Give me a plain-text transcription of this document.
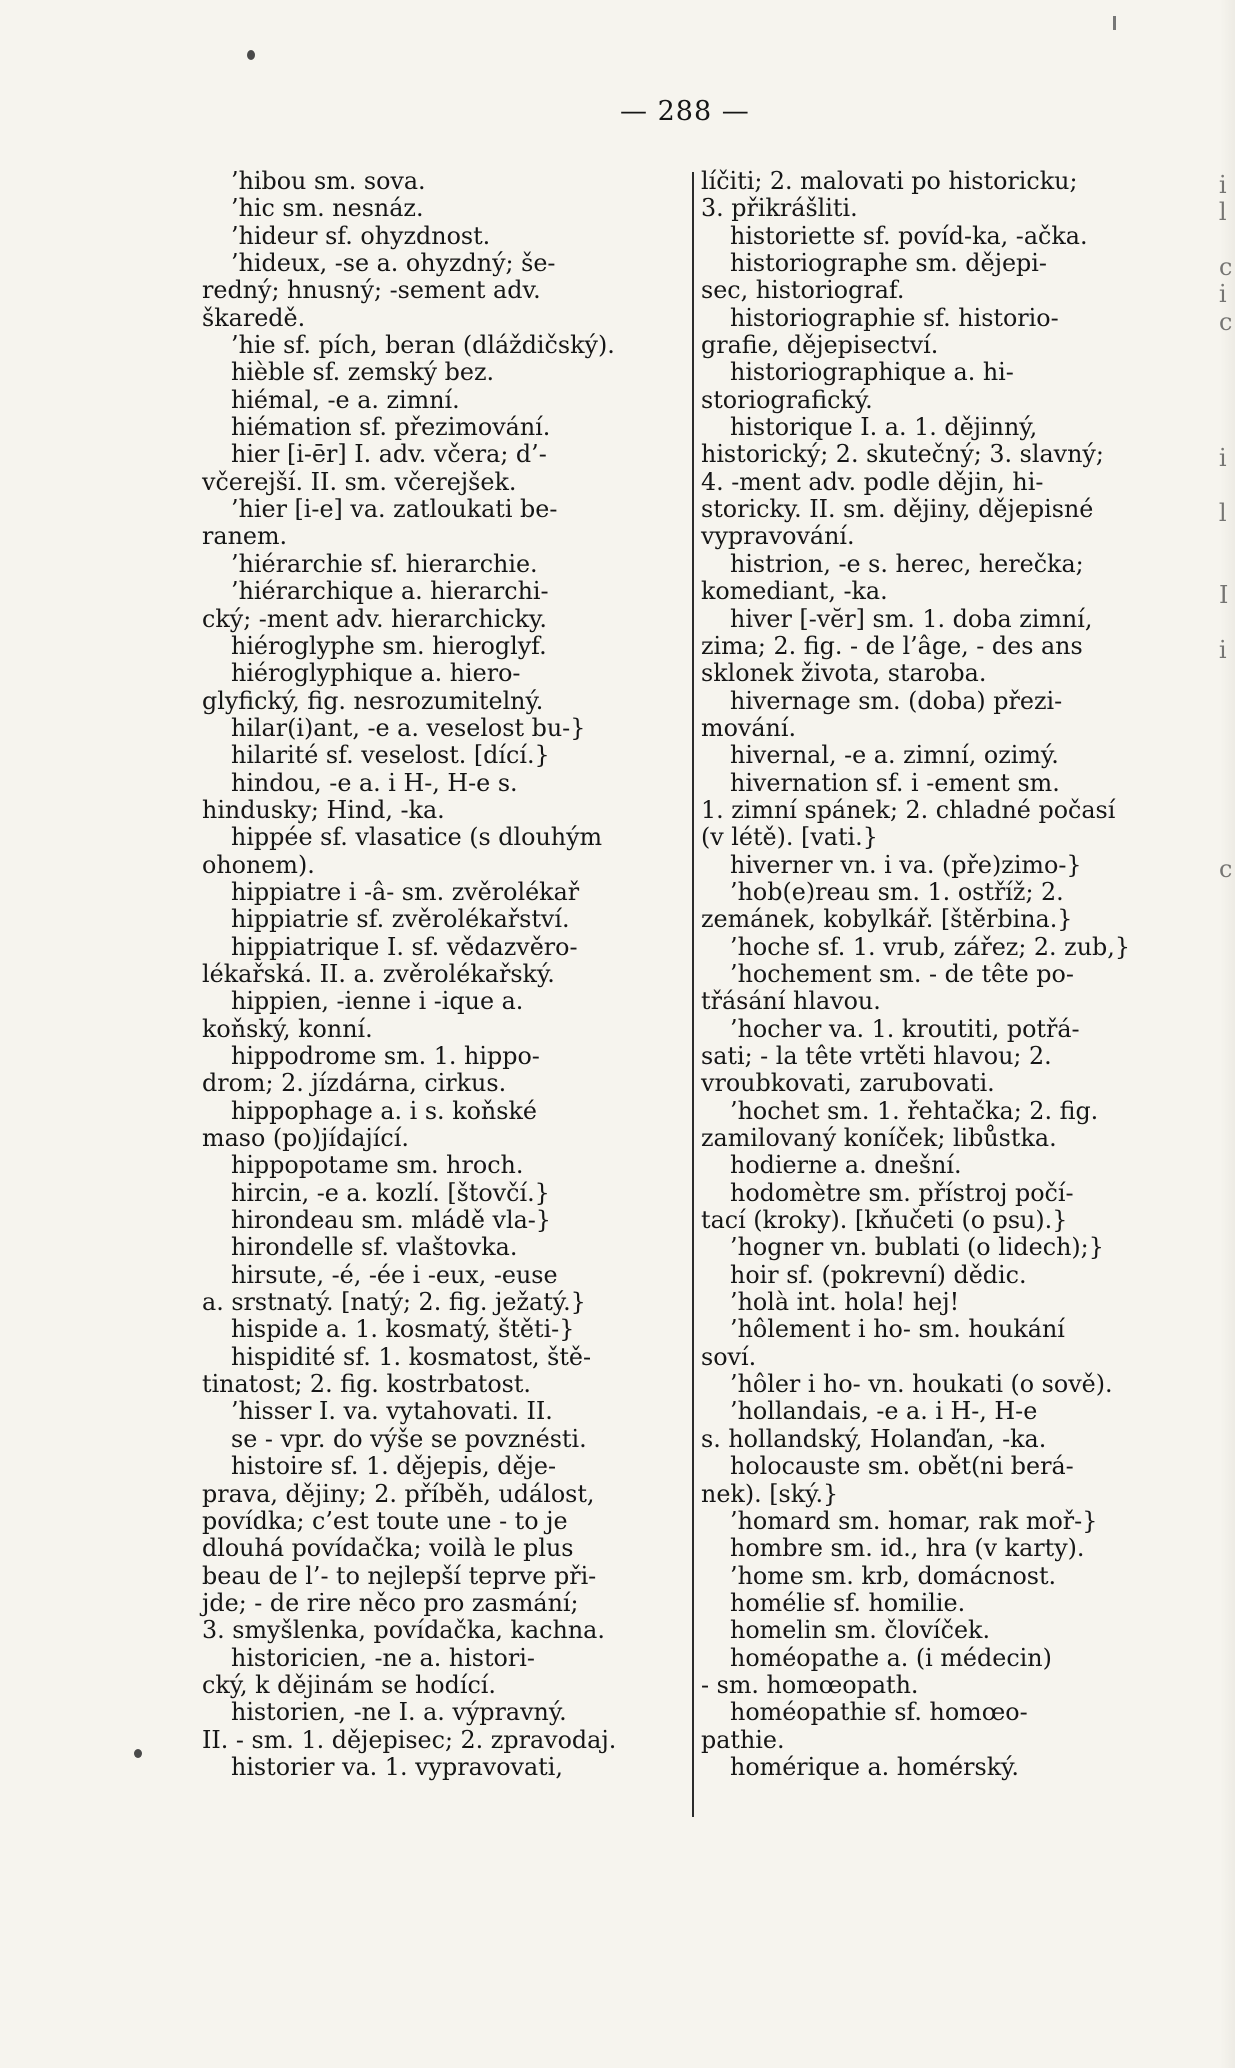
— 288 —
’hibou sm. sova.
’hic sm. nesnáz.
’hideur sf. ohyzdnost.
’hideux, -se a. ohyzdný; še-
redný; hnusný; -sement adv.
škaredě.
’hie sf. pích, beran (dláždičský).
hièble sf. zemský bez.
hiémal, -e a. zimní.
hiémation sf. přezimování.
hier [i-ēr] I. adv. včera; d’-
včerejší. II. sm. včerejšek.
’hier [i-e] va. zatloukati be-
ranem.
’hiérarchie sf. hierarchie.
’hiérarchique a. hierarchi-
cký; -ment adv. hierarchicky.
hiéroglyphe sm. hieroglyf.
hiéroglyphique a. hiero-
glyfický, fig. nesrozumitelný.
hilar(i)ant, -e a. veselost bu-}
hilarité sf. veselost. [dící.}
hindou, -e a. i H-, H-e s.
hindusky; Hind, -ka.
hippée sf. vlasatice (s dlouhým
ohonem).
hippiatre i -â- sm. zvěrolékař
hippiatrie sf. zvěrolékařství.
hippiatrique I. sf. vědazvěro-
lékařská. II. a. zvěrolékařský.
hippien, -ienne i -ique a.
koňský, konní.
hippodrome sm. 1. hippo-
drom; 2. jízdárna, cirkus.
hippophage a. i s. koňské
maso (po)jídající.
hippopotame sm. hroch.
hircin, -e a. kozlí. [štovčí.}
hirondeau sm. mládě vla-}
hirondelle sf. vlaštovka.
hirsute, -é, -ée i -eux, -euse
a. srstnatý. [natý; 2. fig. ježatý.}
hispide a. 1. kosmatý, štěti-}
hispidité sf. 1. kosmatost, ště-
tinatost; 2. fig. kostrbatost.
’hisser I. va. vytahovati. II.
se - vpr. do výše se povznésti.
histoire sf. 1. dějepis, děje-
prava, dějiny; 2. příběh, událost,
povídka; c’est toute une - to je
dlouhá povídačka; voilà le plus
beau de l’- to nejlepší teprve při-
jde; - de rire něco pro zasmání;
3. smyšlenka, povídačka, kachna.
historicien, -ne a. histori-
cký, k dějinám se hodící.
historien, -ne I. a. výpravný.
II. - sm. 1. dějepisec; 2. zpravodaj.
historier va. 1. vypravovati,
líčiti; 2. malovati po historicku;
3. přikrášliti.
historiette sf. povíd-ka, -ačka.
historiographe sm. dějepi-
sec, historiograf.
historiographie sf. historio-
grafie, dějepisectví.
historiographique a. hi-
storiografický.
historique I. a. 1. dějinný,
historický; 2. skutečný; 3. slavný;
4. -ment adv. podle dějin, hi-
storicky. II. sm. dějiny, dějepisné
vypravování.
histrion, -e s. herec, herečka;
komediant, -ka.
hiver [-vĕr] sm. 1. doba zimní,
zima; 2. fig. - de l’âge, - des ans
sklonek života, staroba.
hivernage sm. (doba) přezi-
mování.
hivernal, -e a. zimní, ozimý.
hivernation sf. i -ement sm.
1. zimní spánek; 2. chladné počasí
(v létě). [vati.}
hiverner vn. i va. (pře)zimo-}
’hob(e)reau sm. 1. ostříž; 2.
zemánek, kobylkář. [štěrbina.}
’hoche sf. 1. vrub, zářez; 2. zub,}
’hochement sm. - de tête po-
třásání hlavou.
’hocher va. 1. kroutiti, potřá-
sati; - la tête vrtěti hlavou; 2.
vroubkovati, zarubovati.
’hochet sm. 1. řehtačka; 2. fig.
zamilovaný koníček; libůstka.
hodierne a. dnešní.
hodomètre sm. přístroj počí-
tací (kroky). [kňučeti (o psu).}
’hogner vn. bublati (o lidech);}
hoir sf. (pokrevní) dědic.
’holà int. hola! hej!
’hôlement i ho- sm. houkání
soví.
’hôler i ho- vn. houkati (o sově).
’hollandais, -e a. i H-, H-e
s. hollandský, Holanďan, -ka.
holocauste sm. obět(ni berá-
nek). [ský.}
’homard sm. homar, rak moř-}
hombre sm. id., hra (v karty).
’home sm. krb, domácnost.
homélie sf. homilie.
homelin sm. človíček.
homéopathe a. (i médecin)
- sm. homœopath.
homéopathie sf. homœo-
pathie.
homérique a. homérský.
i
l
c
i
c
i
l
I
i
c
